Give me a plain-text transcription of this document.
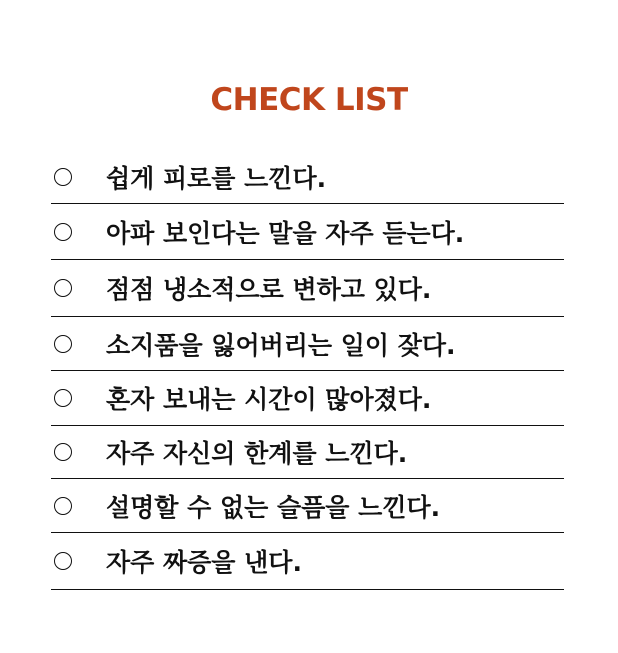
CHECK LIST
쉽게 피로를 느낀다.
아파 보인다는 말을 자주 듣는다.
점점 냉소적으로 변하고 있다.
소지품을 잃어버리는 일이 잦다.
혼자 보내는 시간이 많아졌다.
자주 자신의 한계를 느낀다.
설명할 수 없는 슬픔을 느낀다.
자주 짜증을 낸다.
